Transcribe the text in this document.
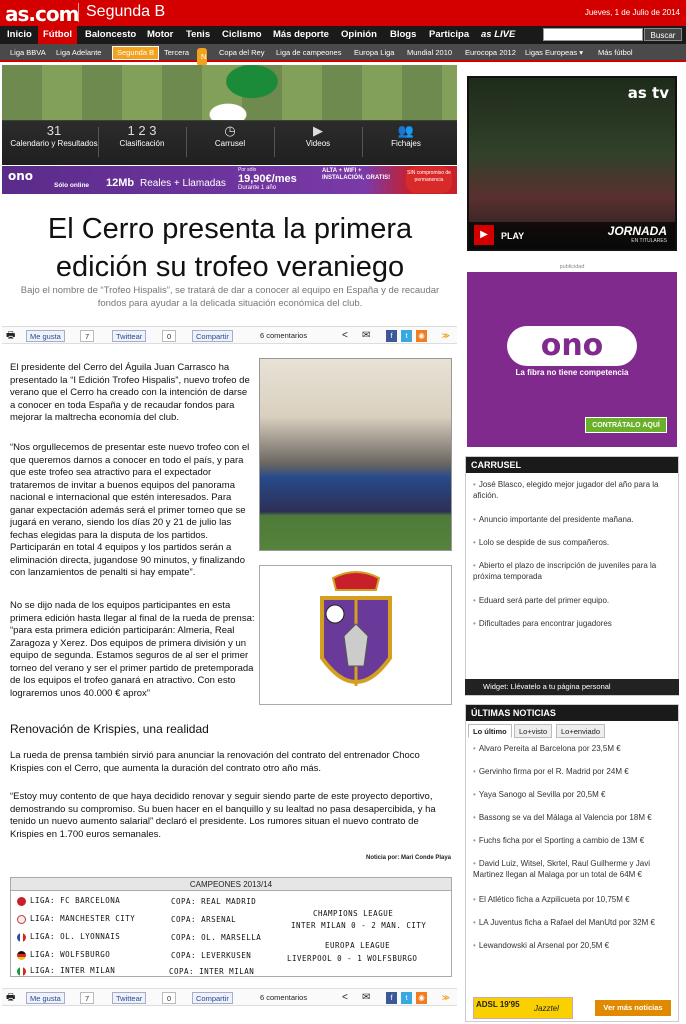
as.com Segunda B	Jueves, 1 de Julio de 2014
Inicio	Fútbol	Baloncesto	Motor	Tenis	Ciclismo	Más deporte	Opinión	Blogs	Participa	as LIVE	Buscar
Liga BBVA	Liga Adelante	Segunda B	Tercera	N	Copa del Rey	Liga de campeones	Europa Liga	Mundial 2010	Eurocopa 2012	Ligas Europeas ▾	Más fútbol
31
Calendario y Resultados
1 2 3
Clasificación
◷
Carrusel
▶
Videos
👥
Fichajes
ono
Sólo online 12Mb Reales + Llamadas
Por sólo
19,90€/mes
Durante 1 año
ALTA + WIFI + INSTALACIÓN, GRATIS!
SIN compromiso de permanencia
El Cerro presenta la primera edición su trofeo veraniego
Bajo el nombre de “Trofeo Hispalis”, se tratará de dar a conocer al equipo en España y de recaudar fondos para ayudar a la delicada situación económica del club.
🖶	Me gusta	7	Twittear	0	Compartir	6 comentarios	< ✉	f	t	◉ ≫
El presidente del Cerro del Águila Juan Carrasco ha presentado la “I Edición Trofeo Hispalis”, nuevo trofeo de verano que el Cerro ha creado con la intención de darse a conocer en toda España y de recaudar fondos para mejorar la maltrecha economía del club.
“Nos orgullecemos de presentar este nuevo trofeo con el que queremos darnos a conocer en todo el país, y para que este trofeo sea atractivo para el expectador trataremos de invitar a buenos equipos del panorama nacional e internacional que estén interesados. Para ganar expectación además será el primer torneo que se jugará en verano, siendo los días 20 y 21 de julio las fechas elegidas para la disputa de los partidos. Participarán en total 4 equipos y los partidos serán a eliminación directa, jugandose 90 minutos, y finalizando con lanzamientos de penalti si hay empate”.
No se dijo nada de los equipos participantes en esta primera edición hasta llegar al final de la rueda de prensa: “para esta primera edición participarán: Almeria, Real Zaragoza y Xerez. Dos equipos de primera división y un equipo de segunda. Estamos seguros de al ser el primer torneo del verano y ser el primer partido de pretemporada de los equipos el trofeo ganará en atractivo. Con esto lograremos unos 40.000 € aprox”
Renovación de Krispies, una realidad
La rueda de prensa también sirvió para anunciar la renovación del contrato del entrenador Choco Krispies con el Cerro, que aumenta la duración del contrato otro año más.
“Estoy muy contento de que haya decidido renovar y seguir siendo parte de este proyecto deportivo, demostrando su compromiso. Su buen hacer en el banquillo y su lealtad no pasa desapercibida, y ha tenido un nuevo aumento salarial” declaró el presidente. Los rumores situan el nuevo contrato de Krispies en 1.700 euros semanales.
Noticia por: Mari Conde Playa
CAMPEONES 2013/14
LIGA: FC BARCELONA	COPA: REAL MADRID
LIGA: MANCHESTER CITY	COPA: ARSENAL
LIGA: OL. LYONNAIS	COPA: OL. MARSELLA
LIGA: WOLFSBURGO	COPA: LEVERKUSEN
LIGA: INTER MILAN	COPA: INTER MILAN
CHAMPIONS LEAGUE
INTER MILAN 0 - 2 MAN. CITY
EUROPA LEAGUE
LIVERPOOL 0 - 1 WOLFSBURGO
🖶	Me gusta	7	Twittear	0	Compartir	6 comentarios	< ✉	f	t	◉ ≫
as tv
▶	PLAY	JORNADA
EN TITULARES
publicidad
ono
La fibra no tiene competencia
CONTRÁTALO AQUÍ
CARRUSEL
• José Blasco, elegido mejor jugador del año para la afición.
• Anuncio importante del presidente mañana.
• Lolo se despide de sus compañeros.
• Abierto el plazo de inscripción de juveniles para la próxima temporada
• Eduard será parte del primer equipo.
• Dificultades para encontrar jugadores
Widget: Llévatelo a tu página personal
ÚLTIMAS NOTICIAS
Lo último	Lo+visto	Lo+enviado
• Alvaro Pereita al Barcelona por 23,5M €
• Gervinho firma por el R. Madrid por 24M €
• Yaya Sanogo al Sevilla por 20,5M €
• Bassong se va del Málaga al Valencia por 18M €
• Fuchs ficha por el Sporting a cambio de 13M €
• David Luiz, Witsel, Skrtel, Raul Guilherme y Javi Martinez llegan al Malaga por un total de 64M €
• El Atlético ficha a Azpilicueta por 10,75M €
• LA Juventus ficha a Rafael del ManUtd por 32M €
• Lewandowski al Arsenal por 20,5M €
ADSL 19'95	Jazztel	Ver más noticias
